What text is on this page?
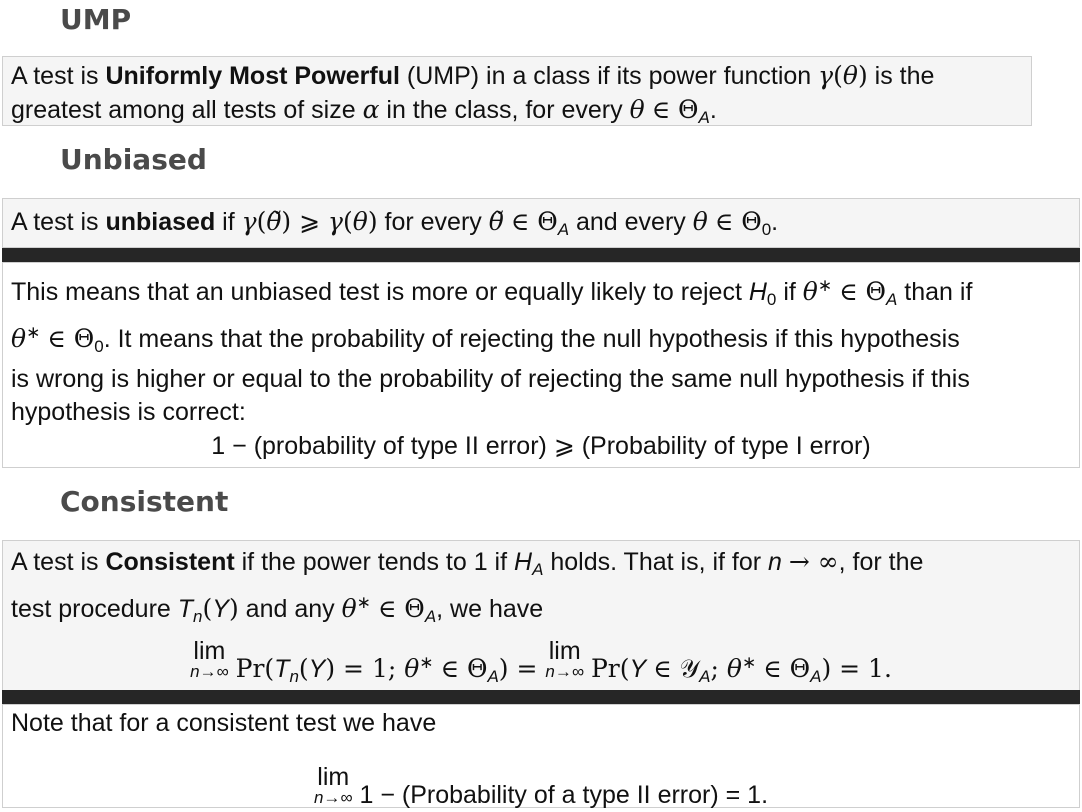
UMP
A test is Uniformly Most Powerful (UMP) in a class if its power function γ(θ) is the
greatest among all tests of size α in the class, for every θ ∈ $\Theta_A$.
Unbiased
A test is unbiased if γ(θ̃) ⩾ γ(θ) for every θ̃ ∈ $\Theta_A$ and every θ ∈ $\Theta_0$.
This means that an unbiased test is more or equally likely to reject $H_0$ if θ∗ ∈ $\Theta_A$ than if
θ∗ ∈ $\Theta_0$. It means that the probability of rejecting the null hypothesis if this hypothesis
is wrong is higher or equal to the probability of rejecting the same null hypothesis if this
hypothesis is correct:
1 − (probability of type II error) ⩾ (Probability of type I error)
Consistent
A test is Consistent if the power tends to 1 if $H_A$ holds. That is, if for n → ∞, for the
test procedure $T_n(Y)$ and any θ∗ ∈ $\Theta_A$, we have
lim
n→∞ $Pr(T_n(Y) = 1$; θ∗ ∈ $\Theta_A$) =
lim
n→∞ Pr(Y ∈ 𝒴$_A$; θ∗ ∈ $\Theta_A) = 1$.
Note that for a consistent test we have
lim
n→∞ 1 − (Probability of a type II error) = 1.
